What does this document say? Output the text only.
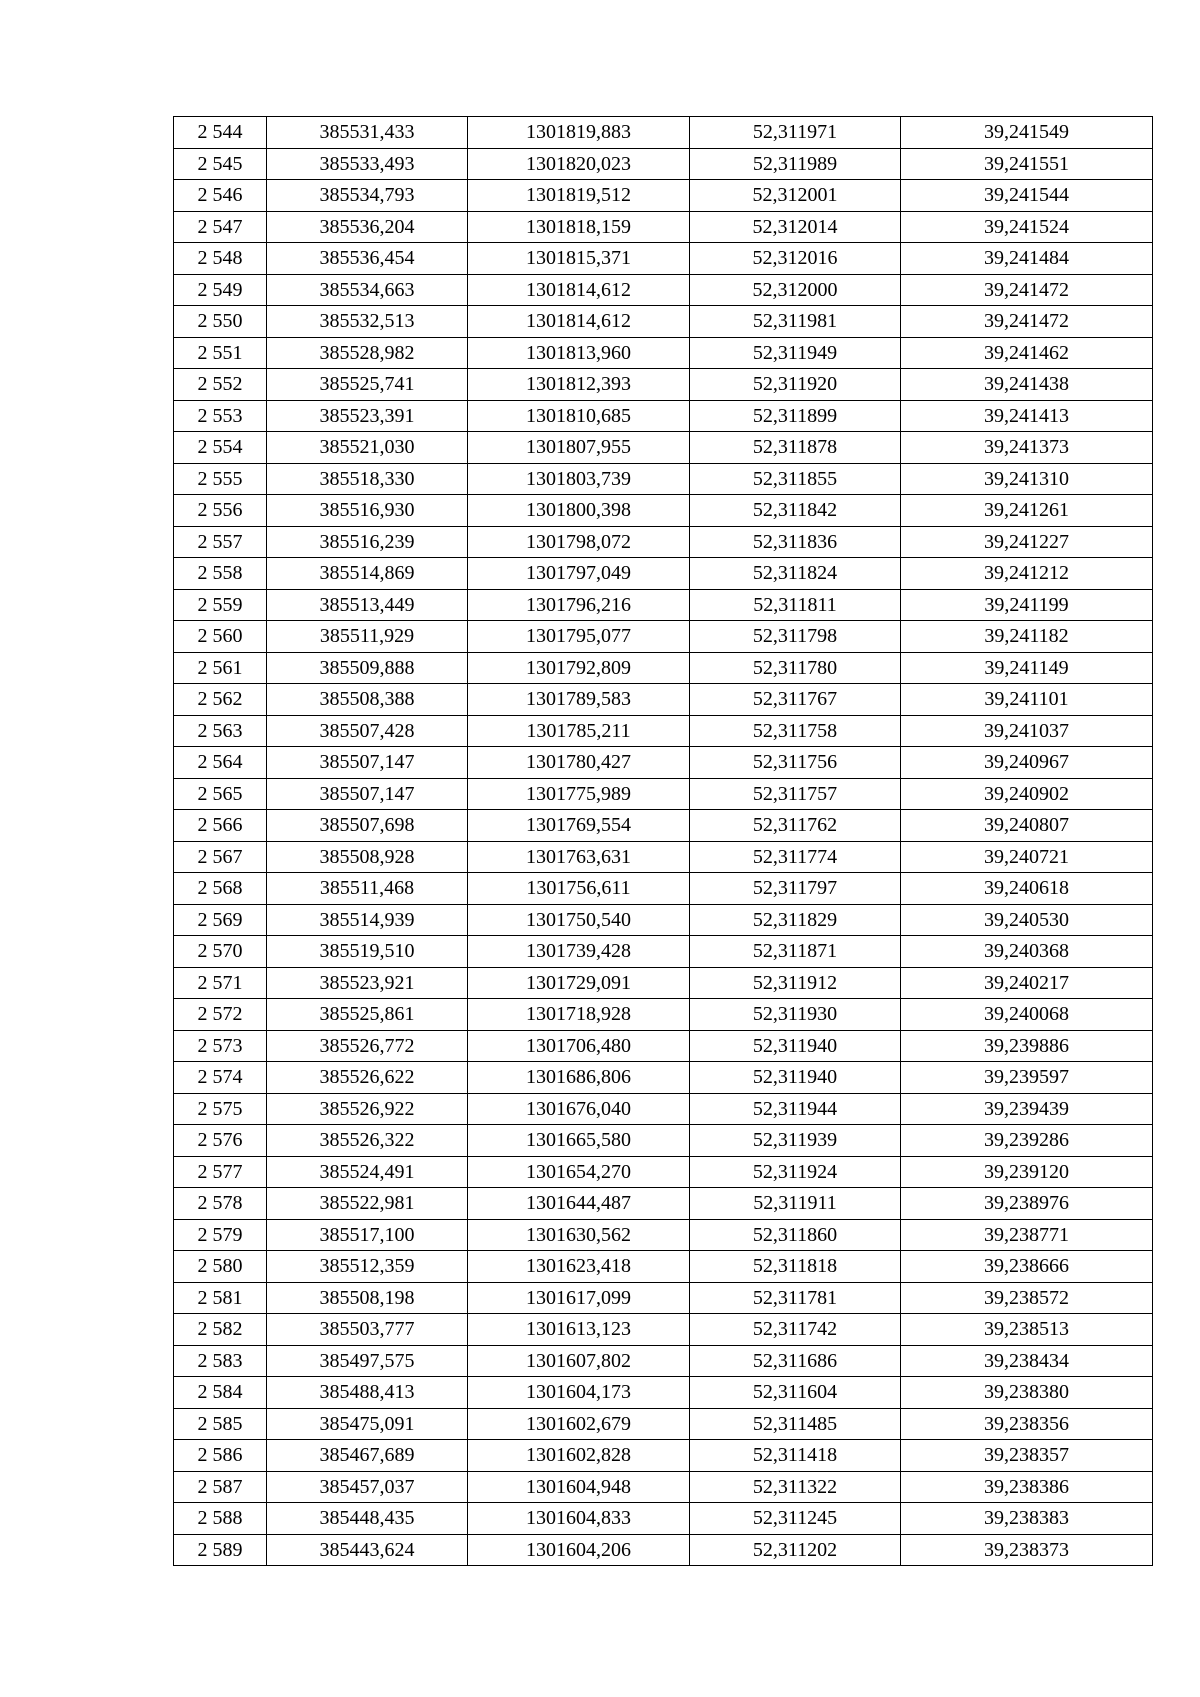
2 544	385531,433	1301819,883	52,311971	39,241549
2 545	385533,493	1301820,023	52,311989	39,241551
2 546	385534,793	1301819,512	52,312001	39,241544
2 547	385536,204	1301818,159	52,312014	39,241524
2 548	385536,454	1301815,371	52,312016	39,241484
2 549	385534,663	1301814,612	52,312000	39,241472
2 550	385532,513	1301814,612	52,311981	39,241472
2 551	385528,982	1301813,960	52,311949	39,241462
2 552	385525,741	1301812,393	52,311920	39,241438
2 553	385523,391	1301810,685	52,311899	39,241413
2 554	385521,030	1301807,955	52,311878	39,241373
2 555	385518,330	1301803,739	52,311855	39,241310
2 556	385516,930	1301800,398	52,311842	39,241261
2 557	385516,239	1301798,072	52,311836	39,241227
2 558	385514,869	1301797,049	52,311824	39,241212
2 559	385513,449	1301796,216	52,311811	39,241199
2 560	385511,929	1301795,077	52,311798	39,241182
2 561	385509,888	1301792,809	52,311780	39,241149
2 562	385508,388	1301789,583	52,311767	39,241101
2 563	385507,428	1301785,211	52,311758	39,241037
2 564	385507,147	1301780,427	52,311756	39,240967
2 565	385507,147	1301775,989	52,311757	39,240902
2 566	385507,698	1301769,554	52,311762	39,240807
2 567	385508,928	1301763,631	52,311774	39,240721
2 568	385511,468	1301756,611	52,311797	39,240618
2 569	385514,939	1301750,540	52,311829	39,240530
2 570	385519,510	1301739,428	52,311871	39,240368
2 571	385523,921	1301729,091	52,311912	39,240217
2 572	385525,861	1301718,928	52,311930	39,240068
2 573	385526,772	1301706,480	52,311940	39,239886
2 574	385526,622	1301686,806	52,311940	39,239597
2 575	385526,922	1301676,040	52,311944	39,239439
2 576	385526,322	1301665,580	52,311939	39,239286
2 577	385524,491	1301654,270	52,311924	39,239120
2 578	385522,981	1301644,487	52,311911	39,238976
2 579	385517,100	1301630,562	52,311860	39,238771
2 580	385512,359	1301623,418	52,311818	39,238666
2 581	385508,198	1301617,099	52,311781	39,238572
2 582	385503,777	1301613,123	52,311742	39,238513
2 583	385497,575	1301607,802	52,311686	39,238434
2 584	385488,413	1301604,173	52,311604	39,238380
2 585	385475,091	1301602,679	52,311485	39,238356
2 586	385467,689	1301602,828	52,311418	39,238357
2 587	385457,037	1301604,948	52,311322	39,238386
2 588	385448,435	1301604,833	52,311245	39,238383
2 589	385443,624	1301604,206	52,311202	39,238373
